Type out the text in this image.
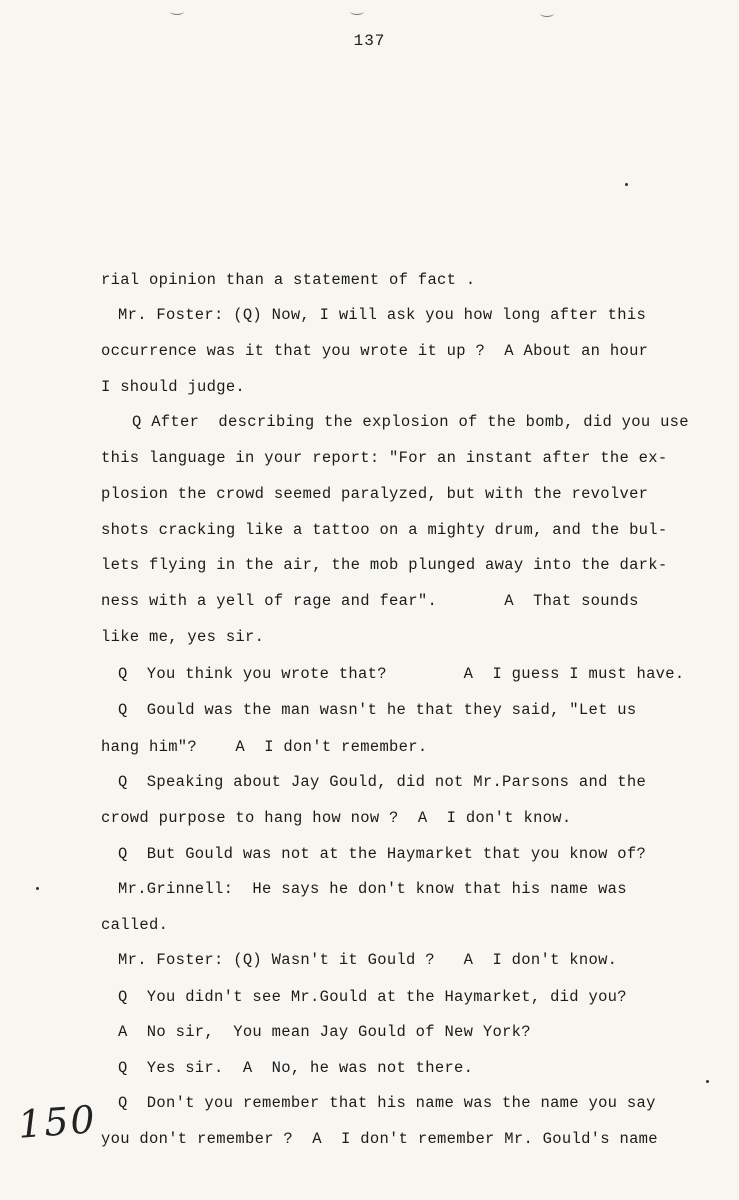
137
rial opinion than a statement of fact .
Mr. Foster: (Q) Now, I will ask you how long after this
occurrence was it that you wrote it up ?  A About an hour
I should judge.
Q After  describing the explosion of the bomb, did you use
this language in your report: "For an instant after the ex-
plosion the crowd seemed paralyzed, but with the revolver
shots cracking like a tattoo on a mighty drum, and the bul-
lets flying in the air, the mob plunged away into the dark-
ness with a yell of rage and fear".       A  That sounds
like me, yes sir.
Q  You think you wrote that?        A  I guess I must have.
Q  Gould was the man wasn't he that they said, "Let us
hang him"?    A  I don't remember.
Q  Speaking about Jay Gould, did not Mr.Parsons and the
crowd purpose to hang how now ?  A  I don't know.
Q  But Gould was not at the Haymarket that you know of?
Mr.Grinnell:  He says he don't know that his name was
called.
Mr. Foster: (Q) Wasn't it Gould ?   A  I don't know.
Q  You didn't see Mr.Gould at the Haymarket, did you?
A  No sir,  You mean Jay Gould of New York?
Q  Yes sir.  A  No, he was not there.
Q  Don't you remember that his name was the name you say
you don't remember ?  A  I don't remember Mr. Gould's name
150
